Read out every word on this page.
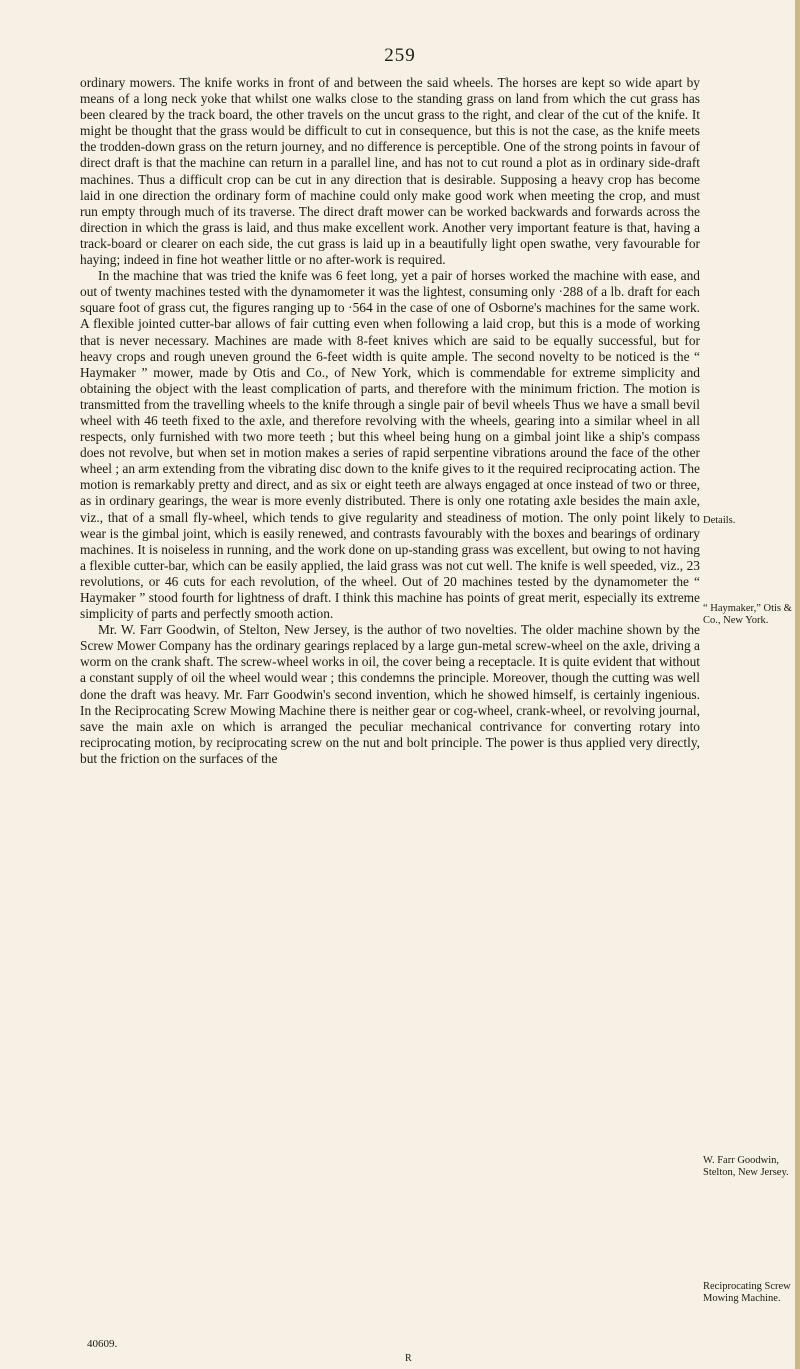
259

ordinary mowers. The knife works in front of and between the said wheels. The horses are kept so wide apart by means of a long neck yoke that whilst one walks close to the standing grass on land from which the cut grass has been cleared by the track board, the other travels on the uncut grass to the right, and clear of the cut of the knife. It might be thought that the grass would be difficult to cut in consequence, but this is not the case, as the knife meets the trodden-down grass on the return journey, and no difference is perceptible. One of the strong points in favour of direct draft is that the machine can return in a parallel line, and has not to cut round a plot as in ordinary side-draft machines. Thus a difficult crop can be cut in any direction that is desirable. Supposing a heavy crop has become laid in one direction the ordinary form of machine could only make good work when meeting the crop, and must run empty through much of its traverse. The direct draft mower can be worked backwards and forwards across the direction in which the grass is laid, and thus make excellent work. Another very important feature is that, having a track-board or clearer on each side, the cut grass is laid up in a beautifully light open swathe, very favourable for haying; indeed in fine hot weather little or no after-work is required.

In the machine that was tried the knife was 6 feet long, yet a pair of horses worked the machine with ease, and out of twenty machines tested with the dynamometer it was the lightest, consuming only ·288 of a lb. draft for each square foot of grass cut, the figures ranging up to ·564 in the case of one of Osborne's machines for the same work. A flexible jointed cutter-bar allows of fair cutting even when following a laid crop, but this is a mode of working that is never necessary. Machines are made with 8-feet knives which are said to be equally successful, but for heavy crops and rough uneven ground the 6-feet width is quite ample. The second novelty to be noticed is the “ Haymaker ” mower, made by Otis and Co., of New York, which is commendable for extreme simplicity and obtaining the object with the least complication of parts, and therefore with the minimum friction. The motion is transmitted from the travelling wheels to the knife through a single pair of bevil wheels Thus we have a small bevil wheel with 46 teeth fixed to the axle, and therefore revolving with the wheels, gearing into a similar wheel in all respects, only furnished with two more teeth ; but this wheel being hung on a gimbal joint like a ship's compass does not revolve, but when set in motion makes a series of rapid serpentine vibrations around the face of the other wheel ; an arm extending from the vibrating disc down to the knife gives to it the required reciprocating action. The motion is remarkably pretty and direct, and as six or eight teeth are always engaged at once instead of two or three, as in ordinary gearings, the wear is more evenly distributed. There is only one rotating axle besides the main axle, viz., that of a small fly-wheel, which tends to give regularity and steadiness of motion. The only point likely to wear is the gimbal joint, which is easily renewed, and contrasts favourably with the boxes and bearings of ordinary machines. It is noiseless in running, and the work done on up-standing grass was excellent, but owing to not having a flexible cutter-bar, which can be easily applied, the laid grass was not cut well. The knife is well speeded, viz., 23 revolutions, or 46 cuts for each revolution, of the wheel. Out of 20 machines tested by the dynamometer the “ Haymaker ” stood fourth for lightness of draft. I think this machine has points of great merit, especially its extreme simplicity of parts and perfectly smooth action.

Mr. W. Farr Goodwin, of Stelton, New Jersey, is the author of two novelties. The older machine shown by the Screw Mower Company has the ordinary gearings replaced by a large gun-metal screw-wheel on the axle, driving a worm on the crank shaft. The screw-wheel works in oil, the cover being a receptacle. It is quite evident that without a constant supply of oil the wheel would wear ; this condemns the principle. Moreover, though the cutting was well done the draft was heavy. Mr. Farr Goodwin's second invention, which he showed himself, is certainly ingenious. In the Reciprocating Screw Mowing Machine there is neither gear or cog-wheel, crank-wheel, or revolving journal, save the main axle on which is arranged the peculiar mechanical contrivance for converting rotary into reciprocating motion, by reciprocating screw on the nut and bolt principle. The power is thus applied very directly, but the friction on the surfaces of the

Details.
“ Haymaker,” Otis & Co., New York.
W. Farr Goodwin, Stelton, New Jersey.
Reciprocating Screw Mowing Machine.
40609.
R
